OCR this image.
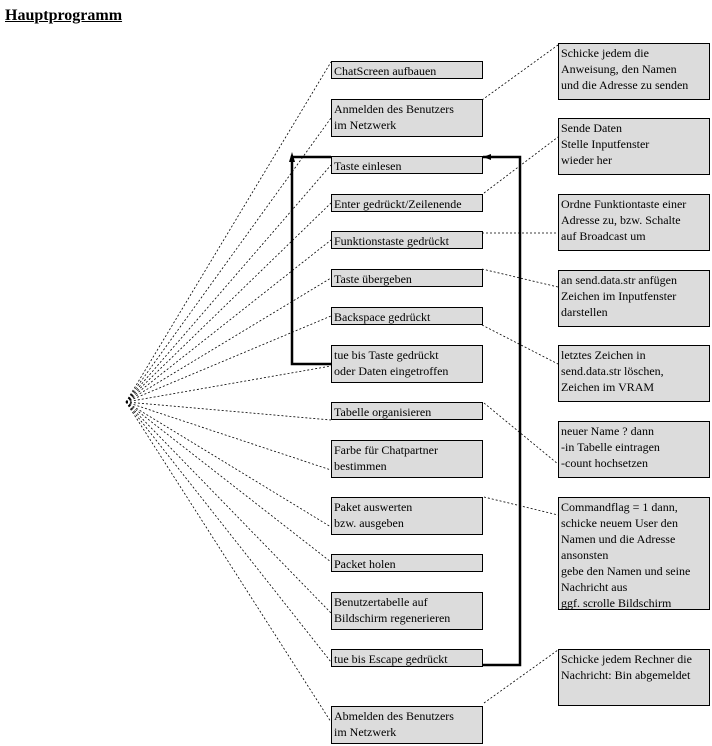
Hauptprogramm
ChatScreen aufbauen
Anmelden des Benutzers
im Netzwerk
Taste einlesen
Enter gedrückt/Zeilenende
Funktionstaste gedrückt
Taste übergeben
Backspace gedrückt
tue bis Taste gedrückt
oder Daten eingetroffen
Tabelle organisieren
Farbe für Chatpartner
bestimmen
Paket auswerten
bzw. ausgeben
Packet holen
Benutzertabelle auf
Bildschirm regenerieren
tue bis Escape gedrückt
Abmelden des Benutzers
im Netzwerk
Schicke jedem die
Anweisung, den Namen
und die Adresse zu senden
Sende Daten
Stelle Inputfenster
wieder her
Ordne Funktiontaste einer
Adresse zu, bzw. Schalte
auf Broadcast um
an send.data.str anfügen
Zeichen im Inputfenster
darstellen
letztes Zeichen in
send.data.str löschen,
Zeichen im VRAM
neuer Name ? dann
-in Tabelle eintragen
-count hochsetzen
Commandflag = 1 dann,
schicke neuem User den
Namen und die Adresse
ansonsten
gebe den Namen und seine
Nachricht aus
ggf. scrolle Bildschirm
Schicke jedem Rechner die
Nachricht: Bin abgemeldet
